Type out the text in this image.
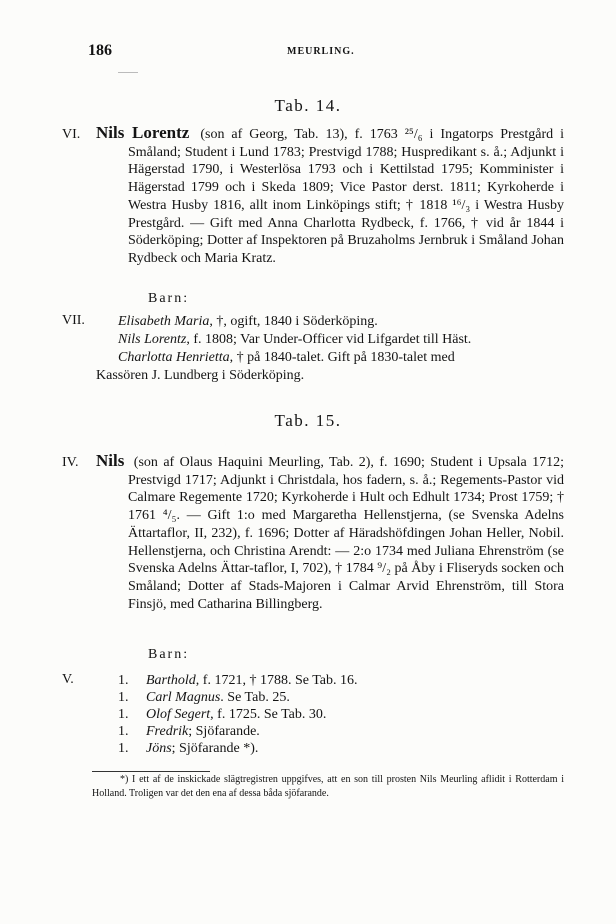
186	MEURLING.
Tab. 14.
VI. Nils Lorentz (son af Georg, Tab. 13), f. 1763 ²⁵/₆ i Ingatorps Prestgård i Småland; Student i Lund 1783; Prestvigd 1788; Huspredikant s. å.; Adjunkt i Hägerstad 1790, i Westerlösa 1793 och i Kettilstad 1795; Komminister i Hägerstad 1799 och i Skeda 1809; Vice Pastor derst. 1811; Kyrkoherde i Westra Husby 1816, allt inom Linköpings stift; † 1818 ¹⁶/₃ i Westra Husby Prestgård. — Gift med Anna Charlotta Rydbeck, f. 1766, † vid år 1844 i Söderköping; Dotter af Inspektoren på Bruzaholms Jernbruk i Småland Johan Rydbeck och Maria Kratz.
Barn:
VII. Elisabeth Maria, †, ogift, 1840 i Söderköping.
Nils Lorentz, f. 1808; Var Under-Officer vid Lifgardet till Häst.
Charlotta Henrietta, † på 1840-talet. Gift på 1830-talet med
Kassören J. Lundberg i Söderköping.
Tab. 15.
IV. Nils (son af Olaus Haquini Meurling, Tab. 2), f. 1690; Student i Upsala 1712; Prestvigd 1717; Adjunkt i Christdala, hos fadern, s. å.; Regements-Pastor vid Calmare Regemente 1720; Kyrkoherde i Hult och Edhult 1734; Prost 1759; † 1761 ⁴/₅. — Gift 1:o med Margaretha Hellenstjerna, (se Svenska Adelns Ättartaflor, II, 232), f. 1696; Dotter af Häradshöfdingen Johan Heller, Nobil. Hellenstjerna, och Christina Arendt: — 2:o 1734 med Juliana Ehrenström (se Svenska Adelns Ättar-taflor, I, 702), † 1784 ⁹/₂ på Åby i Fliseryds socken och Småland; Dotter af Stads-Majoren i Calmar Arvid Ehrenström, till Stora Finsjö, med Catharina Billingberg.
Barn:
V.	1. Barthold, f. 1721, † 1788. Se Tab. 16.
1. Carl Magnus. Se Tab. 25.
1. Olof Segert, f. 1725. Se Tab. 30.
1. Fredrik; Sjöfarande.
1. Jöns; Sjöfarande *).
*) I ett af de inskickade slägtregistren uppgifves, att en son till prosten Nils Meurling aflidit i Rotterdam i Holland. Troligen var det den ena af dessa båda sjöfarande.
